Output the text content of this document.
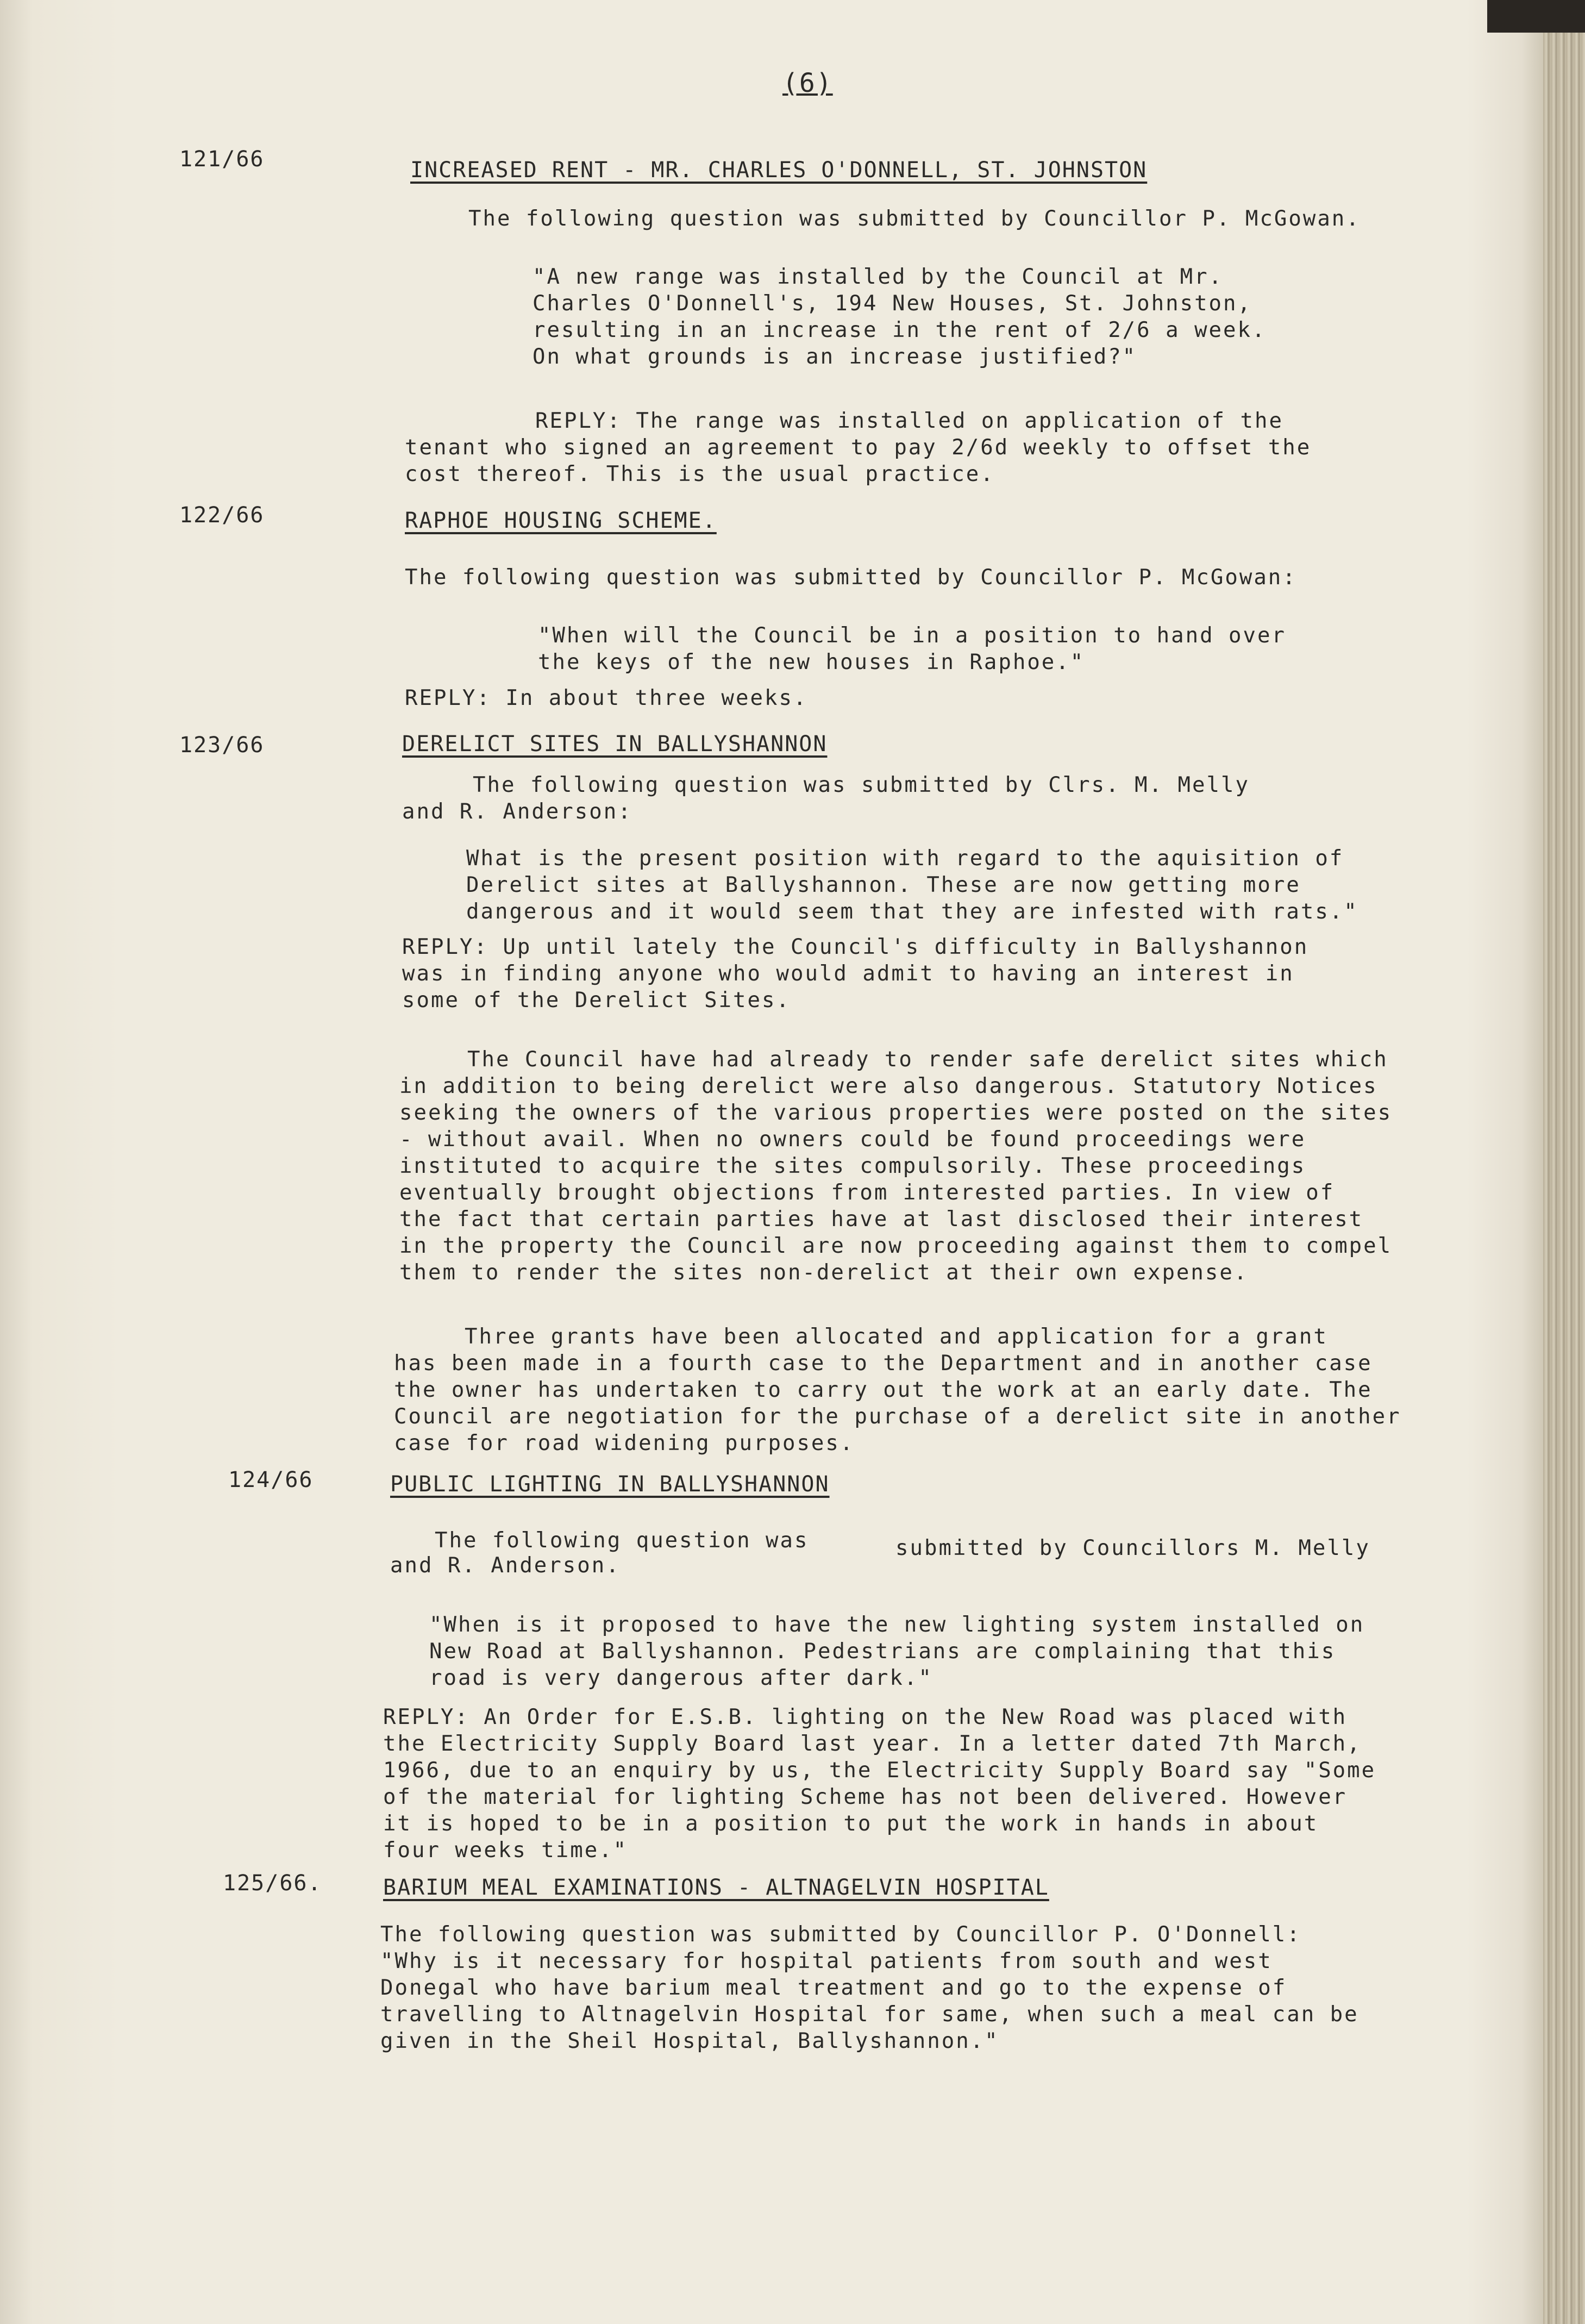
(6)
121/66	INCREASED RENT - MR. CHARLES O'DONNELL, ST. JOHNSTON
The following question was submitted by Councillor P. McGowan.
"A new range was installed by the Council at Mr.
Charles O'Donnell's, 194 New Houses, St. Johnston,
resulting in an increase in the rent of 2/6 a week.
On what grounds is an increase justified?"
REPLY: The range was installed on application of the
tenant who signed an agreement to pay 2/6d weekly to offset the
cost thereof. This is the usual practice.
122/66	RAPHOE HOUSING SCHEME.
The following question was submitted by Councillor P. McGowan:
"When will the Council be in a position to hand over
the keys of the new houses in Raphoe."
REPLY: In about three weeks.
123/66	DERELICT SITES IN BALLYSHANNON
The following question was submitted by Clrs. M. Melly
and R. Anderson:
What is the present position with regard to the aquisition of
Derelict sites at Ballyshannon. These are now getting more
dangerous and it would seem that they are infested with rats."
REPLY: Up until lately the Council's difficulty in Ballyshannon
was in finding anyone who would admit to having an interest in
some of the Derelict Sites.
The Council have had already to render safe derelict sites which
in addition to being derelict were also dangerous. Statutory Notices
seeking the owners of the various properties were posted on the sites
- without avail. When no owners could be found proceedings were
instituted to acquire the sites compulsorily. These proceedings
eventually brought objections from interested parties. In view of
the fact that certain parties have at last disclosed their interest
in the property the Council are now proceeding against them to compel
them to render the sites non-derelict at their own expense.
Three grants have been allocated and application for a grant
has been made in a fourth case to the Department and in another case
the owner has undertaken to carry out the work at an early date. The
Council are negotiation for the purchase of a derelict site in another
case for road widening purposes.
124/66	PUBLIC LIGHTING IN BALLYSHANNON
The following question was	submitted by Councillors M. Melly
and R. Anderson.
"When is it proposed to have the new lighting system installed on
New Road at Ballyshannon. Pedestrians are complaining that this
road is very dangerous after dark."
REPLY: An Order for E.S.B. lighting on the New Road was placed with
the Electricity Supply Board last year. In a letter dated 7th March,
1966, due to an enquiry by us, the Electricity Supply Board say "Some
of the material for lighting Scheme has not been delivered. However
it is hoped to be in a position to put the work in hands in about
four weeks time."
125/66.	BARIUM MEAL EXAMINATIONS - ALTNAGELVIN HOSPITAL
The following question was submitted by Councillor P. O'Donnell:
"Why is it necessary for hospital patients from south and west
Donegal who have barium meal treatment and go to the expense of
travelling to Altnagelvin Hospital for same, when such a meal can be
given in the Sheil Hospital, Ballyshannon."
